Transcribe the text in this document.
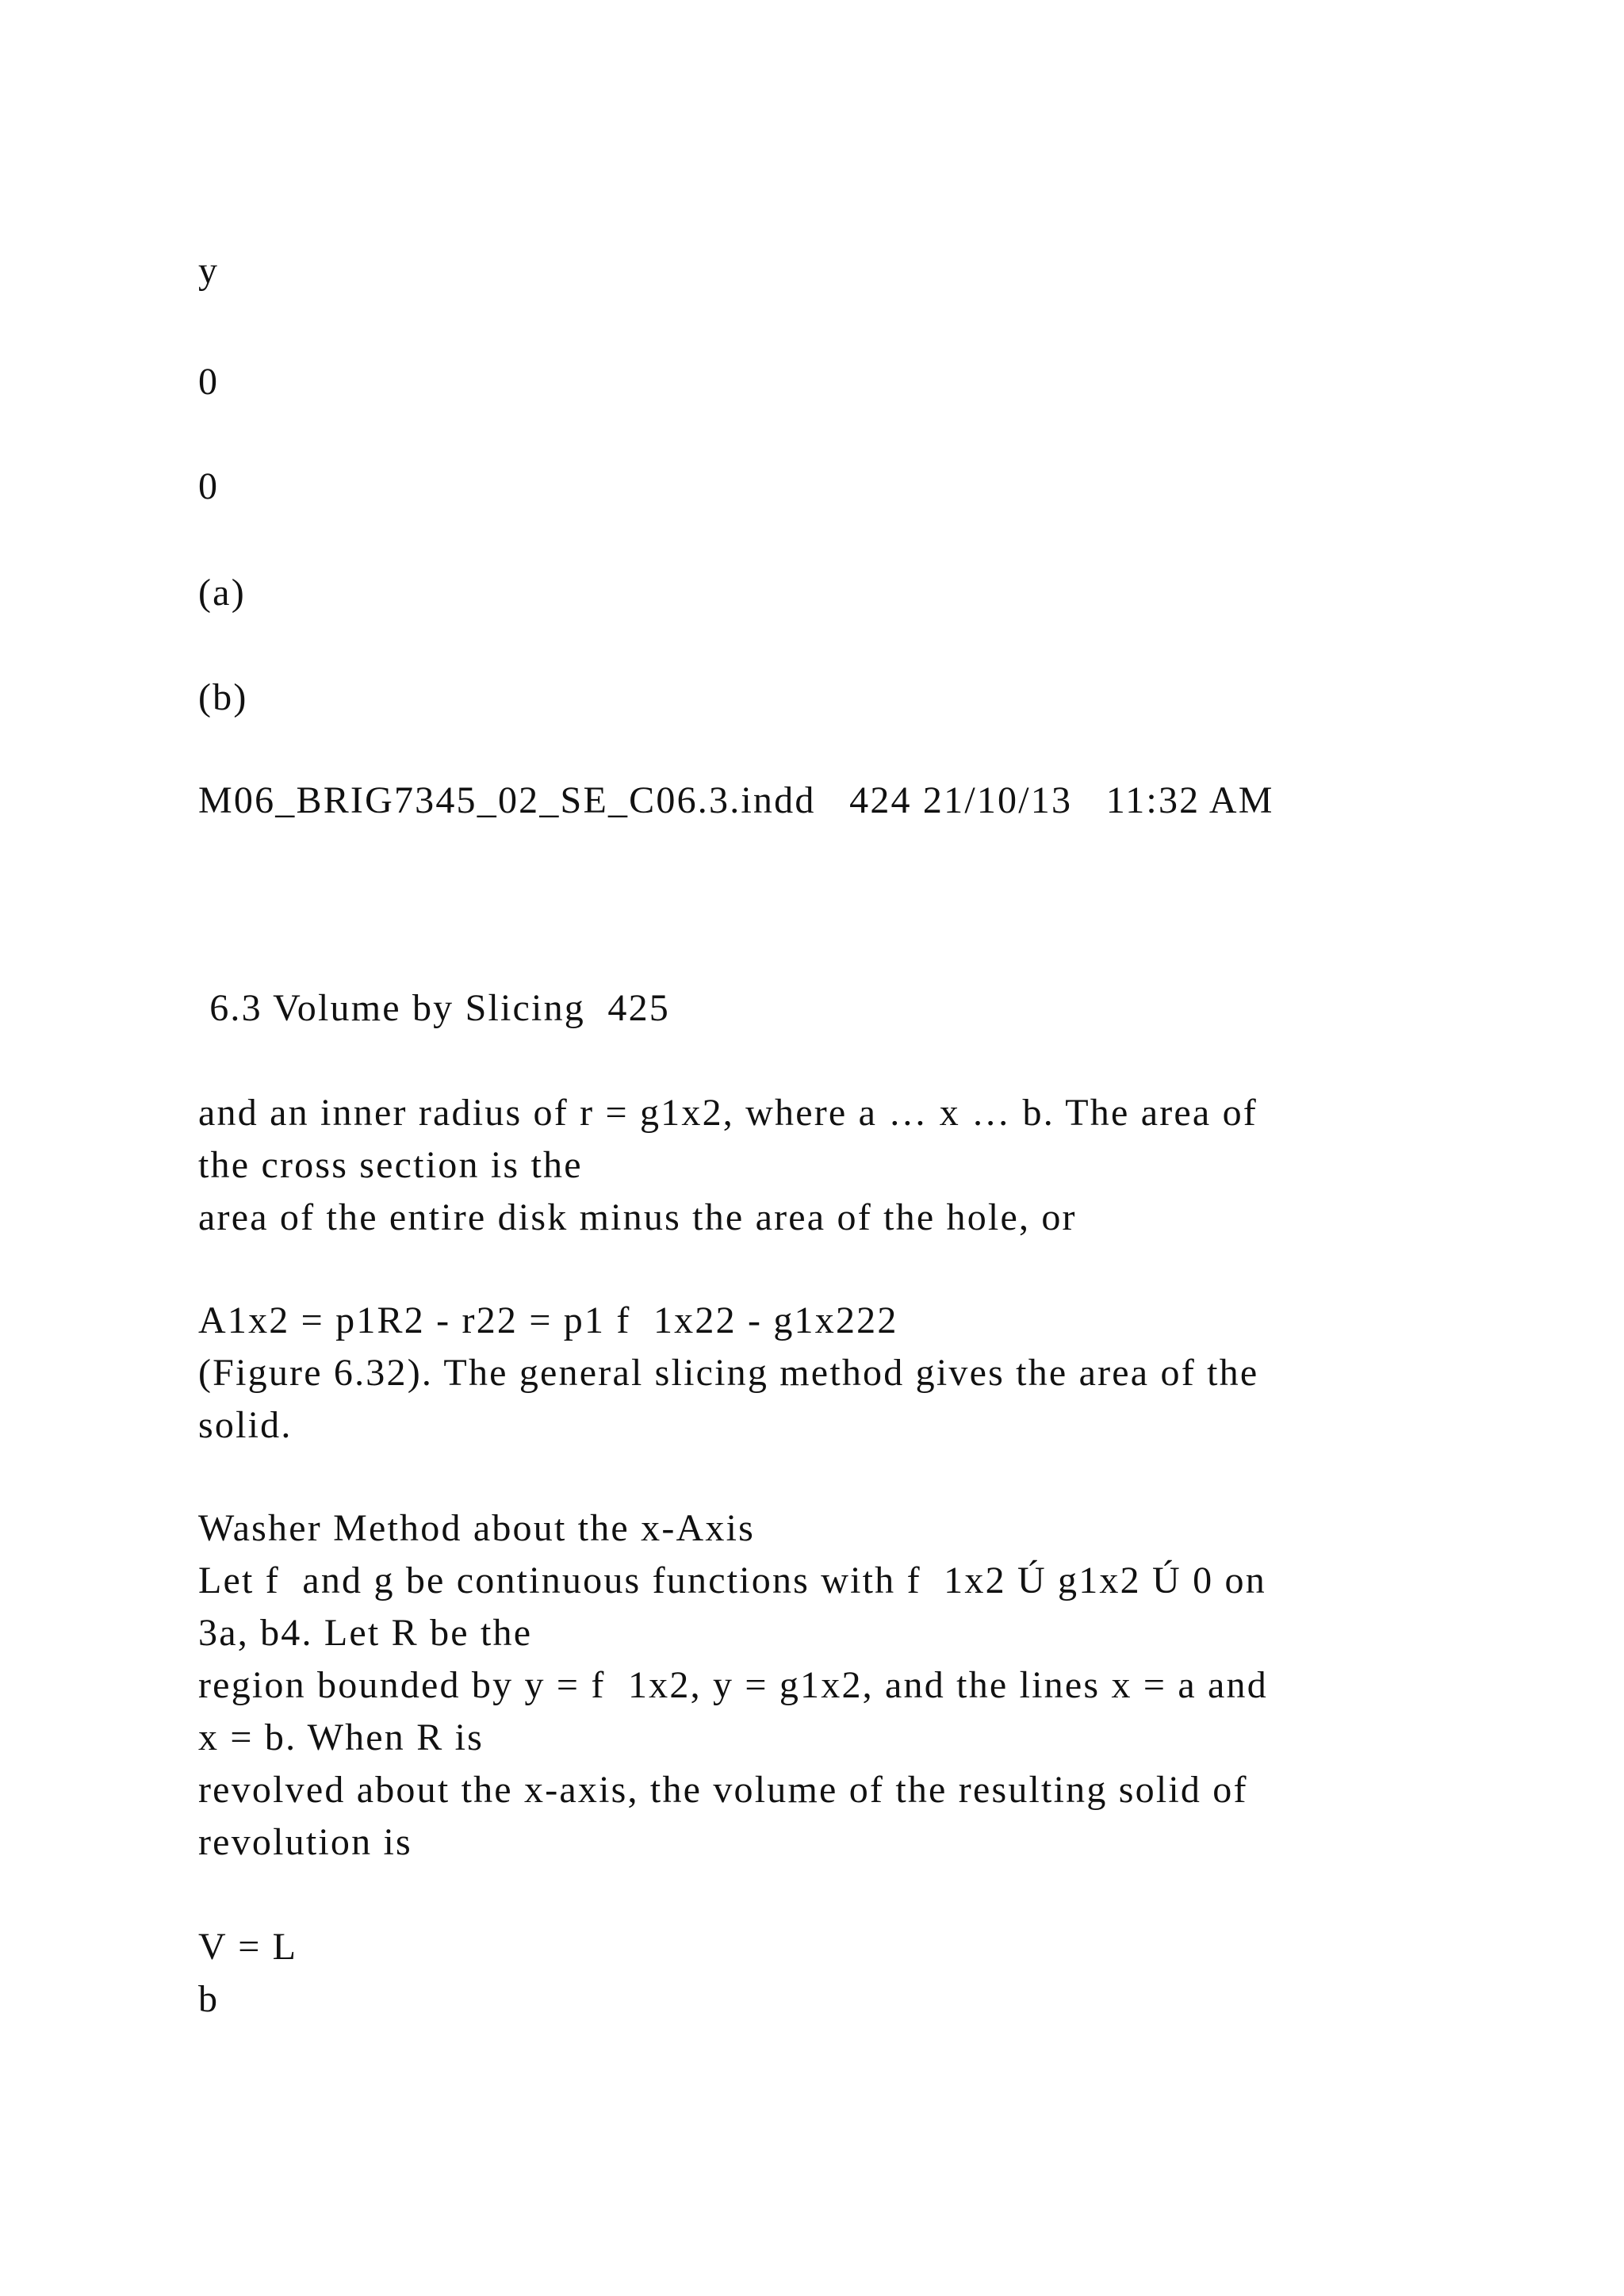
y
0
0
(a)
(b)
M06_BRIG7345_02_SE_C06.3.indd   424 21/10/13   11:32 AM
6.3 Volume by Slicing  425
and an inner radius of r = g1x2, where a … x … b. The area of
the cross section is the
area of the entire disk minus the area of the hole, or
A1x2 = p1R2 - r22 = p1 f  1x22 - g1x222
(Figure 6.32). The general slicing method gives the area of the
solid.
Washer Method about the x-Axis
Let f  and g be continuous functions with f  1x2 Ú g1x2 Ú 0 on
3a, b4. Let R be the
region bounded by y = f  1x2, y = g1x2, and the lines x = a and
x = b. When R is
revolved about the x-axis, the volume of the resulting solid of
revolution is
V = L
b
